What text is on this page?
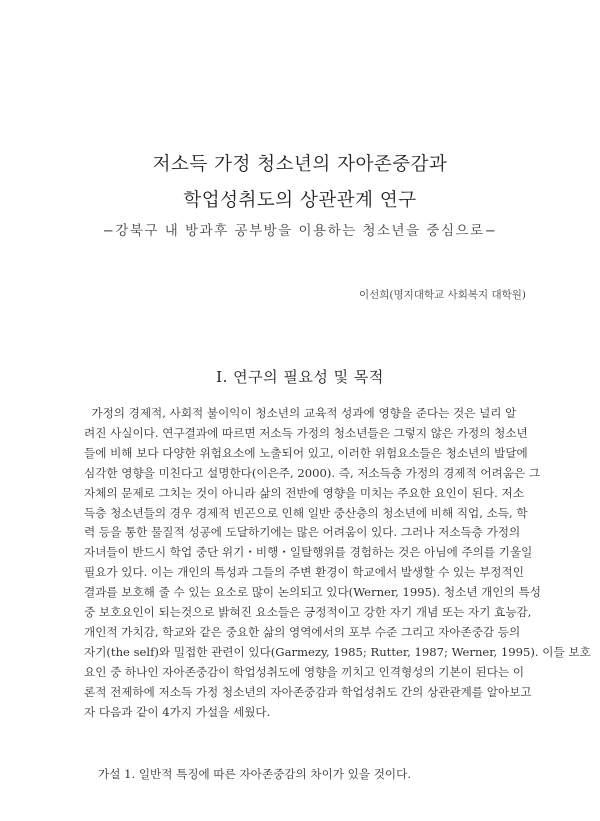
저소득 가정 청소년의 자아존중감과
학업성취도의 상관관계 연구
−강북구 내 방과후 공부방을 이용하는 청소년을 중심으로−
이선희(명지대학교 사회복지 대학원)
I. 연구의 필요성 및 목적
가정의 경제적, 사회적 불이익이 청소년의 교육적 성과에 영향을 준다는 것은 널리 알
려진 사실이다. 연구결과에 따르면 저소득 가정의 청소년들은 그렇지 않은 가정의 청소년
들에 비해 보다 다양한 위험요소에 노출되어 있고, 이러한 위험요소들은 청소년의 발달에
심각한 영향을 미친다고 설명한다(이은주, 2000). 즉, 저소득층 가정의 경제적 어려움은 그
자체의 문제로 그치는 것이 아니라 삶의 전반에 영향을 미치는 주요한 요인이 된다. 저소
득층 청소년들의 경우 경제적 빈곤으로 인해 일반 중산층의 청소년에 비해 직업, 소득, 학
력 등을 통한 물질적 성공에 도달하기에는 많은 어려움이 있다. 그러나 저소득층 가정의
자녀들이 반드시 학업 중단 위기・비행・일탈행위를 경험하는 것은 아님에 주의를 기울일
필요가 있다. 이는 개인의 특성과 그들의 주변 환경이 학교에서 발생할 수 있는 부정적인
결과를 보호해 줄 수 있는 요소로 많이 논의되고 있다(Werner, 1995). 청소년 개인의 특성
중 보호요인이 되는것으로 밝혀진 요소들은 긍정적이고 강한 자기 개념 또는 자기 효능감,
개인적 가치감, 학교와 같은 중요한 삶의 영역에서의 포부 수준 그리고 자아존중감 등의
자기(the self)와 밀접한 관련이 있다(Garmezy, 1985; Rutter, 1987; Werner, 1995). 이들 보호
요인 중 하나인 자아존중감이 학업성취도에 영향을 끼치고 인격형성의 기본이 된다는 이
론적 전제하에 저소득 가정 청소년의 자아존중감과 학업성취도 간의 상관관계를 알아보고
자 다음과 같이 4가지 가설을 세웠다.
가설 1. 일반적 특징에 따른 자아존중감의 차이가 있을 것이다.
